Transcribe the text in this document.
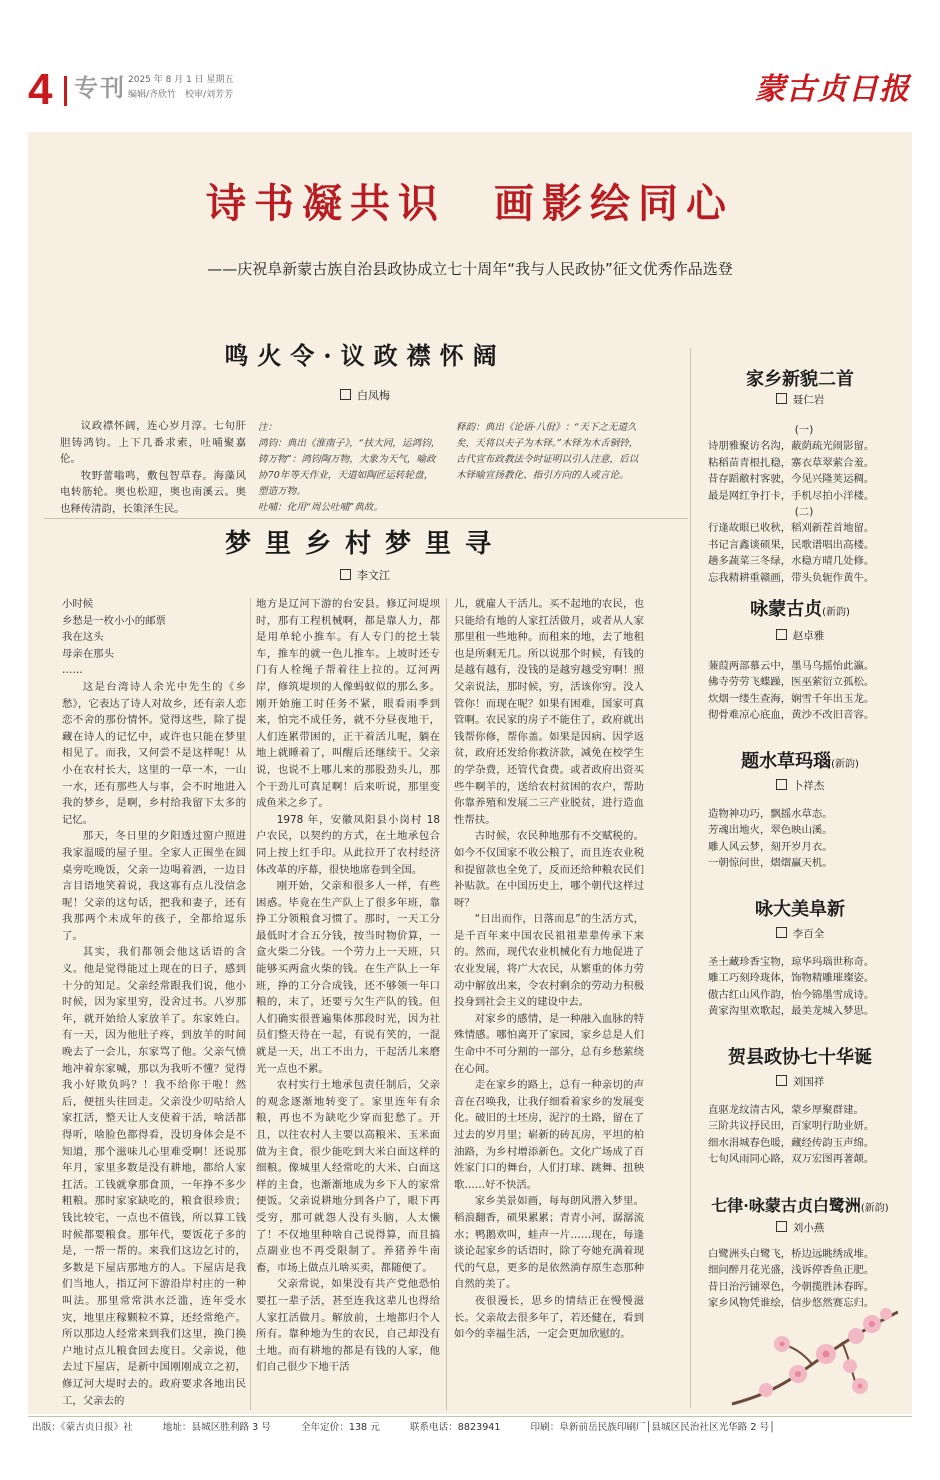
4 专刊 2025 年 8 月 1 日 星期五
编辑/齐欣竹　校审/刘芳芳	蒙古贞日报
诗书凝共识　画影绘同心
——庆祝阜新蒙古族自治县政协成立七十周年“我与人民政协”征文优秀作品选登
鸣火令·议政襟怀阔
白凤梅

议政襟怀阔，连心岁月淳。七旬肝胆铸鸿钧。上下几番求索，吐哺聚嘉伦。

牧野蕾嗡鸣，敷包智草春。海藻风电转筋轮。奥也松迎，奥也南溪云。奥也释传清韵，长策泽生民。

注：

鸿钧：典出《淮南子》，“扶大同，运鸿钧，铸万物”：鸿钧陶万物，大象为天气，喻政协70年等天作业，天道如陶匠运转轮盘，塑造万物。

吐哺：化用“周公吐哺”典故。

释韵：典出《论语·八佾》：“天下之无道久矣，天将以夫子为木铎。”木铎为木舌铜铃，古代宣布政教法令时证明以引人注意，后以木铎喻宣扬教化、指引方向的人或言论。

梦里乡村梦里寻
李文江
小时候
乡愁是一枚小小的邮票
我在这头
母亲在那头
……

这是台湾诗人余光中先生的《乡愁》，它表达了诗人对故乡，还有亲人恋恋不舍的那份情怀。觉得这些，除了提藏在诗人的记忆中，或许也只能在梦里相见了。而我，又何尝不是这样呢！从小在农村长大，这里的一草一木，一山一水，还有那些人与事，会不时地进入我的梦乡，是啊，乡村给我留下太多的记忆。

那天，冬日里的夕阳透过窗户照进我家温暖的屋子里。全家人正围坐在圆桌旁吃晚饭，父亲一边喝着酒，一边目言目语地笑着说，我这寡有点儿没信念呢！父亲的这句话，把我和妻子，还有我那两个未成年的孩子，全都给逗乐了。

其实，我们都领会他这话语的含义。他是觉得能过上现在的日子，感到十分的知足。父亲经常跟我们说，他小时候，因为家里穷，没舍过书。八岁那年，就开始给人家放羊了。东家姓白。有一天，因为他肚子疼，到放羊的时间晚去了一会儿，东家骂了他。父亲气愤地冲着东家喊，那以为我听不懂？觉得我小好欺负吗？！我不给你干啦！然后，便扭头往回走。父亲没少叨咕给人家扛活，整天让人支使着干活，啥活都得听，啥脸色都得看，没切身体会是不知道，那个滋味儿心里难受啊！还说那年月，家里多数是没有耕地，都给人家扛活。工钱就拿那食顶，一年挣不多少粗粮。那时家家缺吃的，粮食很珍贵；钱比较宅，一点也不值钱，所以算工钱时候都要粮食。那年代，要饭花子多的是，一帮一帮的。来我们这边乞讨的，多数是下屋店那地方的人。下屋店是我们当地人，指辽河下游沿岸村庄的一种叫法。那里常常洪水泛滥，连年受水灾，地里庄稼颗粒不算，还经常绝产。所以那边人经常来到我们这里，换门换户地讨点儿粮食回去度日。父亲说，他去过下屋店，是新中国刚刚成立之初，修辽河大堤时去的。政府要求各地出民工，父亲去的

地方是辽河下游的台安县。修辽河堤坝时，那有工程机械啊，都是靠人力，都是用单轮小推车。有人专门的挖土装车，推车的就一色儿推车。上坡时还专门有人栓绳子帮着往上拉的。辽河两岸，修筑堤坝的人像蚂蚁似的那么多。刚开始施工时任务不紧，眼看雨季到来，怕完不成任务，就不分昼夜地干，人们连累带困的，正干着活儿呢，躺在地上就睡着了，叫醒后还继续干。父亲说，也说不上哪儿来的那股劲头儿，那个干劲儿可真足啊！后来听说，那里变成鱼米之乡了。

1978 年，安徽凤阳县小岗村 18 户农民，以契约的方式，在土地承包合同上按上红手印。从此拉开了农村经济体改革的序幕，很快地席卷到全国。

刚开始，父亲和很多人一样，有些困惑。毕竟在生产队上了很多年班，靠挣工分领粮食习惯了。那时，一天工分最低时才合五分钱，按当时物价算，一盒火柴二分钱。一个劳力上一天班，只能够买两盒火柴的钱。在生产队上一年班，挣的工分合成钱，还不够领一年口粮的，末了，还要亏欠生产队的钱。但人们确实很普遍集体那段时光，因为社员们整天待在一起，有说有笑的，一混就是一天，出工不出力，干起活儿来磨光一点也不累。

农村实行土地承包责任制后，父亲的观念逐渐地转变了。家里连年有余粮，再也不为缺吃少穿而犯愁了。开且，以往农村人主要以高粮米、玉米面做为主食，很少能吃到大米白面这样的细粮。像城里人经常吃的大米、白面这样的主食，也渐渐地成为乡下人的家常便饭。父亲说耕地分到各户了，眼下再受穷，那可就怨人没有头脑，人太懒了！不仅地里种啥自己说得算，而且搞点副业也不再受限制了。养猪养牛南畜，市场上做点儿啥买卖，都随便了。

父亲常说，如果没有共产党他恐怕要扛一辈子活，甚至连我这辈儿也得给人家扛活做月。解放前，土地都归个人所有。靠种地为生的农民，自己却没有土地。而有耕地的都是有钱的人家，他们自己很少下地干活

儿，就雇人干活儿。买不起地的农民，也只能给有地的人家扛活做月，或者从人家那里租一些地种。而租来的地，去了地租也是所剩无几。所以说那个时候，有钱的是越有越有，没钱的是越穷越受穷啊！照父亲说法，那时候，穷，活该你穷。没人管你！而现在呢？如果有困难，国家可真管啊。农民家的房子不能住了，政府就出钱帮你修，帮你盖。如果是因病、因学返贫，政府还发给你救济款，减免在校学生的学杂费，还管代食费。或者政府出资买些牛啊羊的，送给农村贫困的农户，帮助你靠养殖和发展二三产业脱贫，进行造血性帮扶。

古时候，农民种地那有不交赋税的。如今不仅国家不收公粮了，而且连农业税和提留款也全免了，反而还给种粮农民们补贴款。在中国历史上，哪个朝代这样过呀？

“日出而作，日落而息”的生活方式，是千百年来中国农民祖祖辈辈传承下来的。然而，现代农业机械化有力地促进了农业发展，将广大农民，从繁重的体力劳动中解放出来，令农村剩余的劳动力积极投身到社会主义的建设中去。

对家乡的感情，是一种融入血脉的特殊情感。哪怕离开了家园，家乡总是人们生命中不可分割的一部分，总有乡愁萦绕在心间。

走在家乡的路上，总有一种亲切的声音在召唤我，让我仔细看着家乡的发展变化。破旧的土坯房，泥泞的土路，留在了过去的岁月里；崭新的砖瓦房，平坦的柏油路，为乡村增添新色。文化广场成了百姓家门口的舞台，人们打球、跳舞、扭秧歌……好不快活。

家乡美景如画，每每朗风潜入梦里。稻浪翻香，硕果累累；青青小河，潺潺流水；鸭鹅欢叫，蛙声一片……现在，每逢谈论起家乡的话语时，除了夸她充满着现代的气息，更多的是依然淌存原生态那种自然的美了。

夜很漫长，思乡的情结正在慢慢滋长。父亲故去很多年了，若还健在，看到如今的幸福生活，一定会更加欣慰的。

家乡新貌二首
聂仁岩
(一)
诗朋雅聚访名沟，蔽荫疏光闹影留。
粘稻苗青根扎稳，寨衣草翠萦合羞。
昔存蹈敝村客驶，今见兴隆荚运稠。
最是网红争打卡，手机尽拍小洋楼。
(二)
行逢故眼已收秋，稻刈新茬首地留。
书记言鑫谈硕果，民歌谱唱出高楼。
趟多蔬菜三冬绿，水稳方晴几处修。
忘我精耕重赣画，带头负轭作黄牛。
咏蒙古贞(新韵)
赵卓雅
蒹葭两部慕云中，墨马乌摇怡此瀛。
佛寺劳劳飞蝶躁，医巫萦衍立孤松。
炊烟一缕生查海，娴雪千年出玉龙。
彻骨难凉心底血，黄沙不改旧音容。
题水草玛瑙(新韵)
卜祥杰
造物神功巧，飘摇水草态。
芳魂出地火，翠色映山溪。
雕人风云梦，刻开岁月衣。
一朝惊问世，熠熠赢天机。
咏大美阜新
李百全
圣土藏珍香宝物，琼华玛瑙世称奇。
雕工巧刻玲珑体，饰物精雕璀璨姿。
傲古红山风作韵，怡今锦墨雪成诗。
黄家沟里欢歌起，最美龙城入梦思。
贺县政协七十华诞
刘国祥
直驱龙纹清古风，蒙乡厚聚群建。
三阶共议抒民田，百家明行助业妍。
细水涓城春色暖，藏经传韵玉声绵。
七旬风雨同心路，双万宏图再著颠。
七律·咏蒙古贞白鹭洲(新韵)
刘小燕
白鹭洲头白鹭飞，桥边远眺绣成堆。
细问醉月花光盛，浅诉停香鱼正肥。
昔日治污铺翠色，今朝揽胜沐春晖。
家乡风物凭谁绘，信步悠然赛忘归。
出版：《蒙古贞日报》社	地址：县城区胜利路 3 号	全年定价：138 元	联系电话：8823941	印刷：阜新前岳民族印刷厂│县城区民治社区光华路 2 号│
